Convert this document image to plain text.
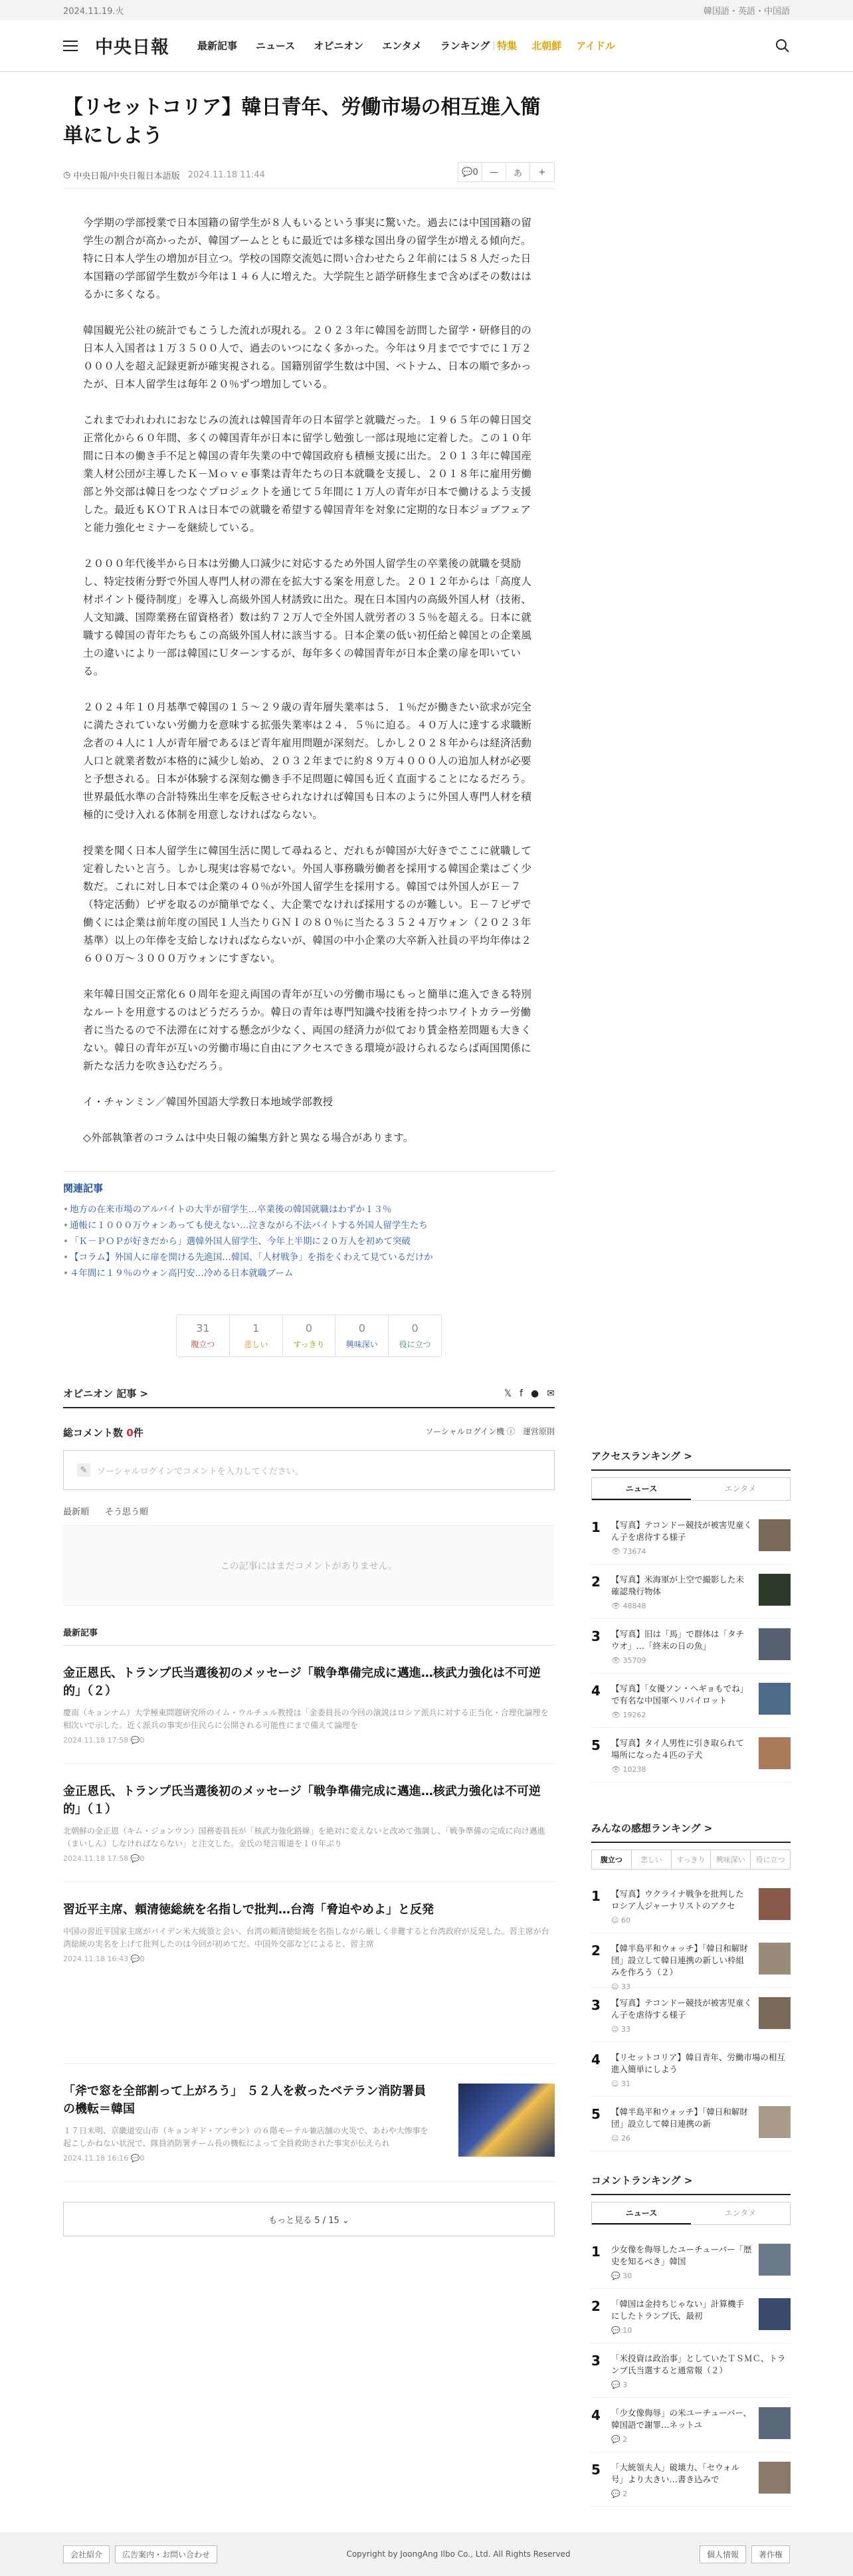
2024.11.19.火	韓国語・英語・中国語
中央日報	最新記事 ニュース オピニオン エンタメ ランキング 特集 北朝鮮 アイドル
【リセットコリア】韓日青年、労働市場の相互進入簡単にしよう
◷ 中央日報/中央日報日本語版 2024.11.18 11:44	💬 0	—	あ	+

今学期の学部授業で日本国籍の留学生が８人もいるという事実に驚いた。過去には中国国籍の留学生の割合が高かったが、韓国ブームとともに最近では多様な国出身の留学生が増える傾向だ。特に日本人学生の増加が目立つ。学校の国際交流処に問い合わせたら２年前には５８人だった日本国籍の学部留学生数が今年は１４６人に増えた。大学院生と語学研修生まで含めばその数ははるかに多くなる。

韓国観光公社の統計でもこうした流れが現れる。２０２３年に韓国を訪問した留学・研修目的の日本人入国者は１万３５００人で、過去のいつになく多かった。今年は９月までですでに１万２０００人を超え記録更新が確実視される。国籍別留学生数は中国、ベトナム、日本の順で多かったが、日本人留学生は毎年２０％ずつ増加している。

これまでわれわれにおなじみの流れは韓国青年の日本留学と就職だった。１９６５年の韓日国交正常化から６０年間、多くの韓国青年が日本に留学し勉強し一部は現地に定着した。この１０年間に日本の働き手不足と韓国の青年失業の中で韓国政府も積極支援に出た。２０１３年に韓国産業人材公団が主導したＫ－Ｍｏｖｅ事業は青年たちの日本就職を支援し、２０１８年に雇用労働部と外交部は韓日をつなぐプロジェクトを通じて５年間に１万人の青年が日本で働けるよう支援した。最近もＫＯＴＲＡは日本での就職を希望する韓国青年を対象に定期的な日本ジョブフェアと能力強化セミナーを継続している。

２０００年代後半から日本は労働人口減少に対応するため外国人留学生の卒業後の就職を奨励し、特定技術分野で外国人専門人材の滞在を拡大する案を用意した。２０１２年からは「高度人材ポイント優待制度」を導入し高級外国人材誘致に出た。現在日本国内の高級外国人材（技術、人文知識、国際業務在留資格者）数は約７２万人で全外国人就労者の３５％を超える。日本に就職する韓国の青年たちもこの高級外国人材に該当する。日本企業の低い初任給と韓国との企業風土の違いにより一部は韓国にＵターンするが、毎年多くの韓国青年が日本企業の扉を叩いている。

２０２４年１０月基準で韓国の１５～２９歳の青年層失業率は５．１％だが働きたい欲求が完全に満たされていない労働力を意味する拡張失業率は２４．５％に迫る。４０万人に達する求職断念者の４人に１人が青年層であるほど青年雇用問題が深刻だ。しかし２０２８年からは経済活動人口と就業者数が本格的に減少し始め、２０３２年までに約８９万４０００人の追加人材が必要と予想される。日本が体験する深刻な働き手不足問題に韓国も近く直面することになるだろう。世界最低水準の合計特殊出生率を反転させられなければ韓国も日本のように外国人専門人材を積極的に受け入れる体制を用意しなければならない。

授業を聞く日本人留学生に韓国生活に関して尋ねると、だれもが韓国が大好きでここに就職して定着したいと言う。しかし現実は容易でない。外国人事務職労働者を採用する韓国企業はごく少数だ。これに対し日本では企業の４０％が外国人留学生を採用する。韓国では外国人がＥ－７（特定活動）ビザを取るのが簡単でなく、大企業でなければ採用するのが難しい。Ｅ－７ビザで働くには企業は前年度の国民１人当たりＧＮＩの８０％に当たる３５２４万ウォン（２０２３年基準）以上の年俸を支給しなければならないが、韓国の中小企業の大卒新入社員の平均年俸は２６００万～３０００万ウォンにすぎない。

来年韓日国交正常化６０周年を迎え両国の青年が互いの労働市場にもっと簡単に進入できる特別なルートを用意するのはどうだろうか。韓日の青年は専門知識や技術を持つホワイトカラー労働者に当たるので不法滞在に対する懸念が少なく、両国の経済力が似ており賃金格差問題も大きくない。韓日の青年が互いの労働市場に自由にアクセスできる環境が設けられるならば両国関係に新たな活力を吹き込むだろう。

イ・チャンミン／韓国外国語大学教日本地域学部教授

◇外部執筆者のコラムは中央日報の編集方針と異なる場合があります。

関連記事
• 地方の在来市場のアルバイトの大半が留学生…卒業後の韓国就職はわずか１３％
• 通帳に１０００万ウォンあっても使えない…泣きながら不法バイトする外国人留学生たち
• 「Ｋ－ＰＯＰが好きだから」選韓外国人留学生、今年上半期に２０万人を初めて突破
• 【コラム】外国人に扉を開ける先進国…韓国、「人材戦争」を指をくわえて見ているだけか
• ４年間に１９％のウォン高円安…冷める日本就職ブーム
31
腹立つ
1
悲しい
0
すっきり
0
興味深い
0
役に立つ
オピニオン 記事 >	𝕏 f ● ✉
総コメント数 0件	ソーシャルログイン機 ⓘ 運営原則
✎	ソーシャルログインでコメントを入力してください。
最新順 そう思う順
この記事にはまだコメントがありません。
最新記事
金正恩氏、トランプ氏当選後初のメッセージ「戦争準備完成に邁進…核武力強化は不可逆的」（２）

慶南（キョンナム）大学極東問題研究所のイム・ウルチュル教授は「金委員長の今回の演説はロシア派兵に対する正当化・合理化論理を相次いで示した。近く派兵の事実が住民らに公開される可能性にまで備えて論理を

2024.11.18 17:58 💬0
金正恩氏、トランプ氏当選後初のメッセージ「戦争準備完成に邁進…核武力強化は不可逆的」（１）

北朝鮮の金正恩（キム・ジョンウン）国務委員長が「核武力強化路線」を絶対に変えないと改めて強調し、「戦争準備の完成に向け邁進（まいしん）しなければならない」と注文した。金氏の発言報道を１０年ぶり

2024.11.18 17:58 💬0
習近平主席、頼清徳総統を名指しで批判…台湾「脅迫やめよ」と反発

中国の習近平国家主席がバイデン米大統領と会い、台湾の頼清徳総統を名指しながら厳しく非難すると台湾政府が反発した。習主席が台湾総統の実名を上げて批判したのは今回が初めてだ。中国外交部などによると、習主席

2024.11.18 16:43 💬0
「斧で窓を全部割って上がろう」 ５２人を救ったベテラン消防署員の機転＝韓国

１７日未明、京畿道安山市（キョンギド・アンサン）の６階モーテル兼店舗の火災で、あわや大惨事を起こしかねない状況で、隊員消防署チーム長の機転によって全員救助された事実が伝えられ

2024.11.18 16:16 💬0
もっと見る 5 / 15 ⌄
アクセスランキング >
ニュース	エンタメ
1	【写真】テコンドー競技が被害児童くん子を虐待する様子
👁 73674
2	【写真】米海軍が上空で撮影した未確認飛行物体
👁 48848
3	【写真】旧は「馬」で群体は「タチウオ」…「終末の日の魚」
👁 35709
4	【写真】「女優ソン・ヘギョもでね」で有名な中国軍ヘリパイロット
👁 19262
5	【写真】タイ人男性に引き取られて場所になった４匹の子犬
👁 10238
みんなの感想ランキング >
腹立つ	悲しい	すっきり	興味深い	役に立つ
1	【写真】ウクライナ戦争を批判したロシア人ジャーナリストのアクセ
☺ 60
2	【韓半島平和ウォッチ】「韓日和解財団」設立して韓日連携の新しい枠組みを作ろう（２）
☺ 33
3	【写真】テコンドー競技が被害児童くん子を虐待する様子
☺ 33
4	【リセットコリア】韓日青年、労働市場の相互進入簡単にしよう
☺ 31
5	【韓半島平和ウォッチ】「韓日和解財団」設立して韓日連携の新
☺ 26
コメントランキング >
ニュース	エンタメ
1	少女像を侮辱したユーチューバー「歴史を知るべき」韓国
💬 30
2	「韓国は金持ちじゃない」計算機手にしたトランプ氏、最初
💬 10
3	「米投資は政治事」としていたＴＳＭＣ、トランプ氏当選すると通常報（２）
💬 3
4	「少女像侮辱」の米ユーチューバー、韓国語で謝罪…ネットユ
💬 2
5	「大統領夫人」破壊力、「セウォル号」より大きい…書き込みで
💬 2
会社紹介	広告案内・お問い合わせ	Copyright by JoongAng Ilbo Co., Ltd. All Rights Reserved	個人情報	著作権
